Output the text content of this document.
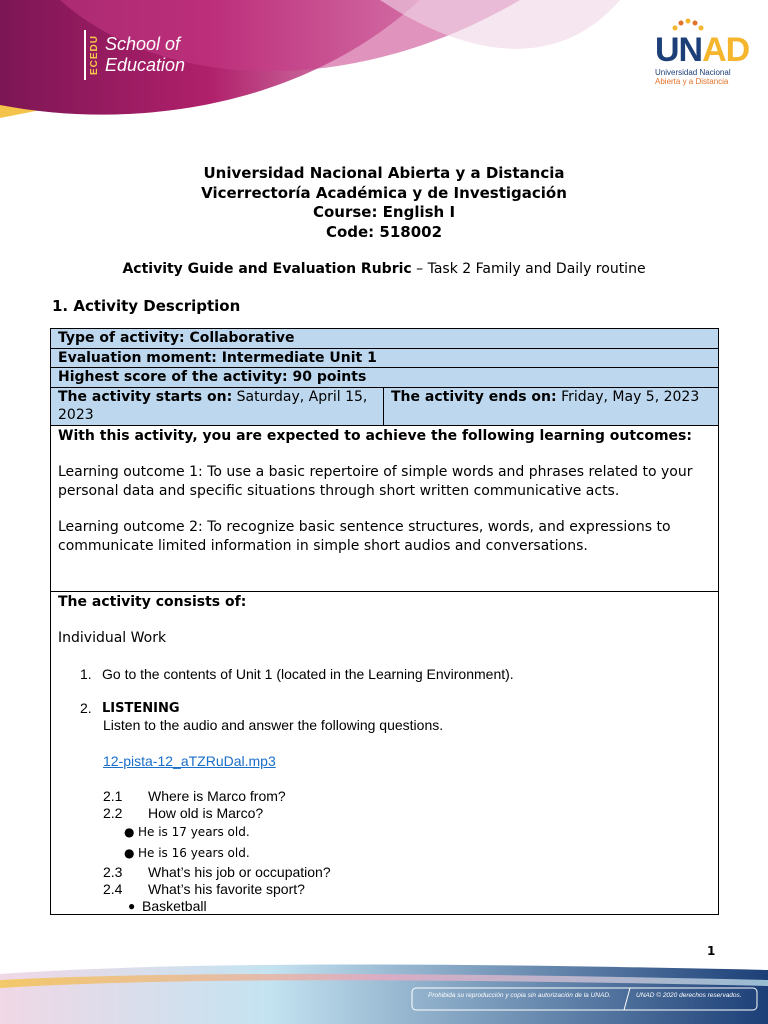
ECEDU School of
Education	UNAD
Universidad Nacional
Abierta y a Distancia
Universidad Nacional Abierta y a Distancia
Vicerrectoría Académica y de Investigación
Course: English I
Code: 518002
Activity Guide and Evaluation Rubric – Task 2 Family and Daily routine
1. Activity Description
Type of activity: Collaborative
Evaluation moment: Intermediate Unit 1
Highest score of the activity: 90 points
The activity starts on: Saturday, April 15, 2023
The activity ends on: Friday, May 5, 2023
With this activity, you are expected to achieve the following learning outcomes:
Learning outcome 1: To use a basic repertoire of simple words and phrases related to your personal data and specific situations through short written communicative acts.
Learning outcome 2: To recognize basic sentence structures, words, and expressions to communicate limited information in simple short audios and conversations.
The activity consists of:
Individual Work
1. Go to the contents of Unit 1 (located in the Learning Environment).
2. LISTENING
Listen to the audio and answer the following questions.
12-pista-12_aTZRuDal.mp3
2.1	Where is Marco from?
2.2	How old is Marco?
● He is 17 years old.
● He is 16 years old.
2.3	What’s his job or occupation?
2.4	What’s his favorite sport?
● Basketball
1
Prohibida su reproducción y copia sin autorización de la UNAD.	UNAD © 2020 derechos reservados.
